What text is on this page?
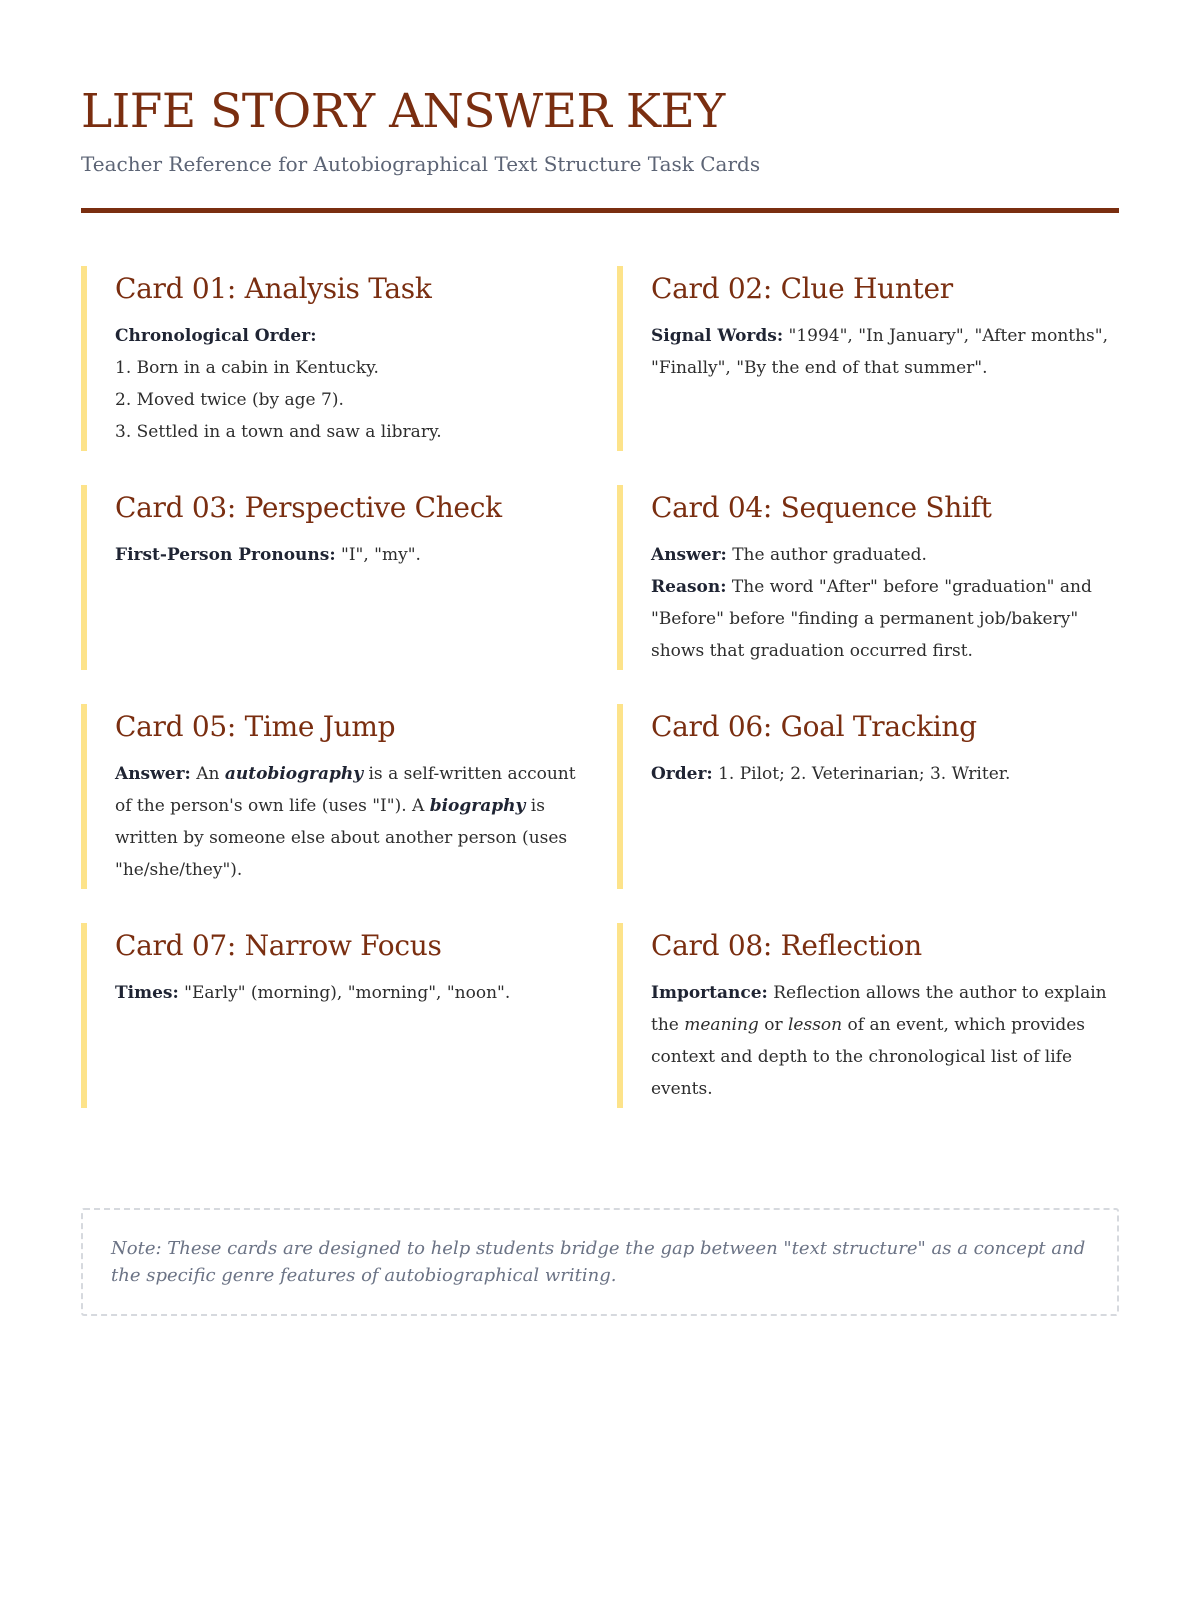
LIFE STORY ANSWER KEY
Teacher Reference for Autobiographical Text Structure Task Cards
Card 01: Analysis Task

Chronological Order:

1. Born in a cabin in Kentucky.

2. Moved twice (by age 7).

3. Settled in a town and saw a library.

Card 02: Clue Hunter

Signal Words: "1994", "In January", "After months", "Finally", "By the end of that summer".

Card 03: Perspective Check

First-Person Pronouns: "I", "my".

Card 04: Sequence Shift

Answer: The author graduated.

Reason: The word "After" before "graduation" and "Before" before "finding a permanent job/bakery" shows that graduation occurred first.

Card 05: Time Jump

Answer: An autobiography is a self-written account of the person's own life (uses "I"). A biography is written by someone else about another person (uses "he/she/they").

Card 06: Goal Tracking

Order: 1. Pilot; 2. Veterinarian; 3. Writer.

Card 07: Narrow Focus

Times: "Early" (morning), "morning", "noon".

Card 08: Reflection

Importance: Reflection allows the author to explain the meaning or lesson of an event, which provides context and depth to the chronological list of life events.

Note: These cards are designed to help students bridge the gap between "text structure" as a concept and the specific genre features of autobiographical writing.
